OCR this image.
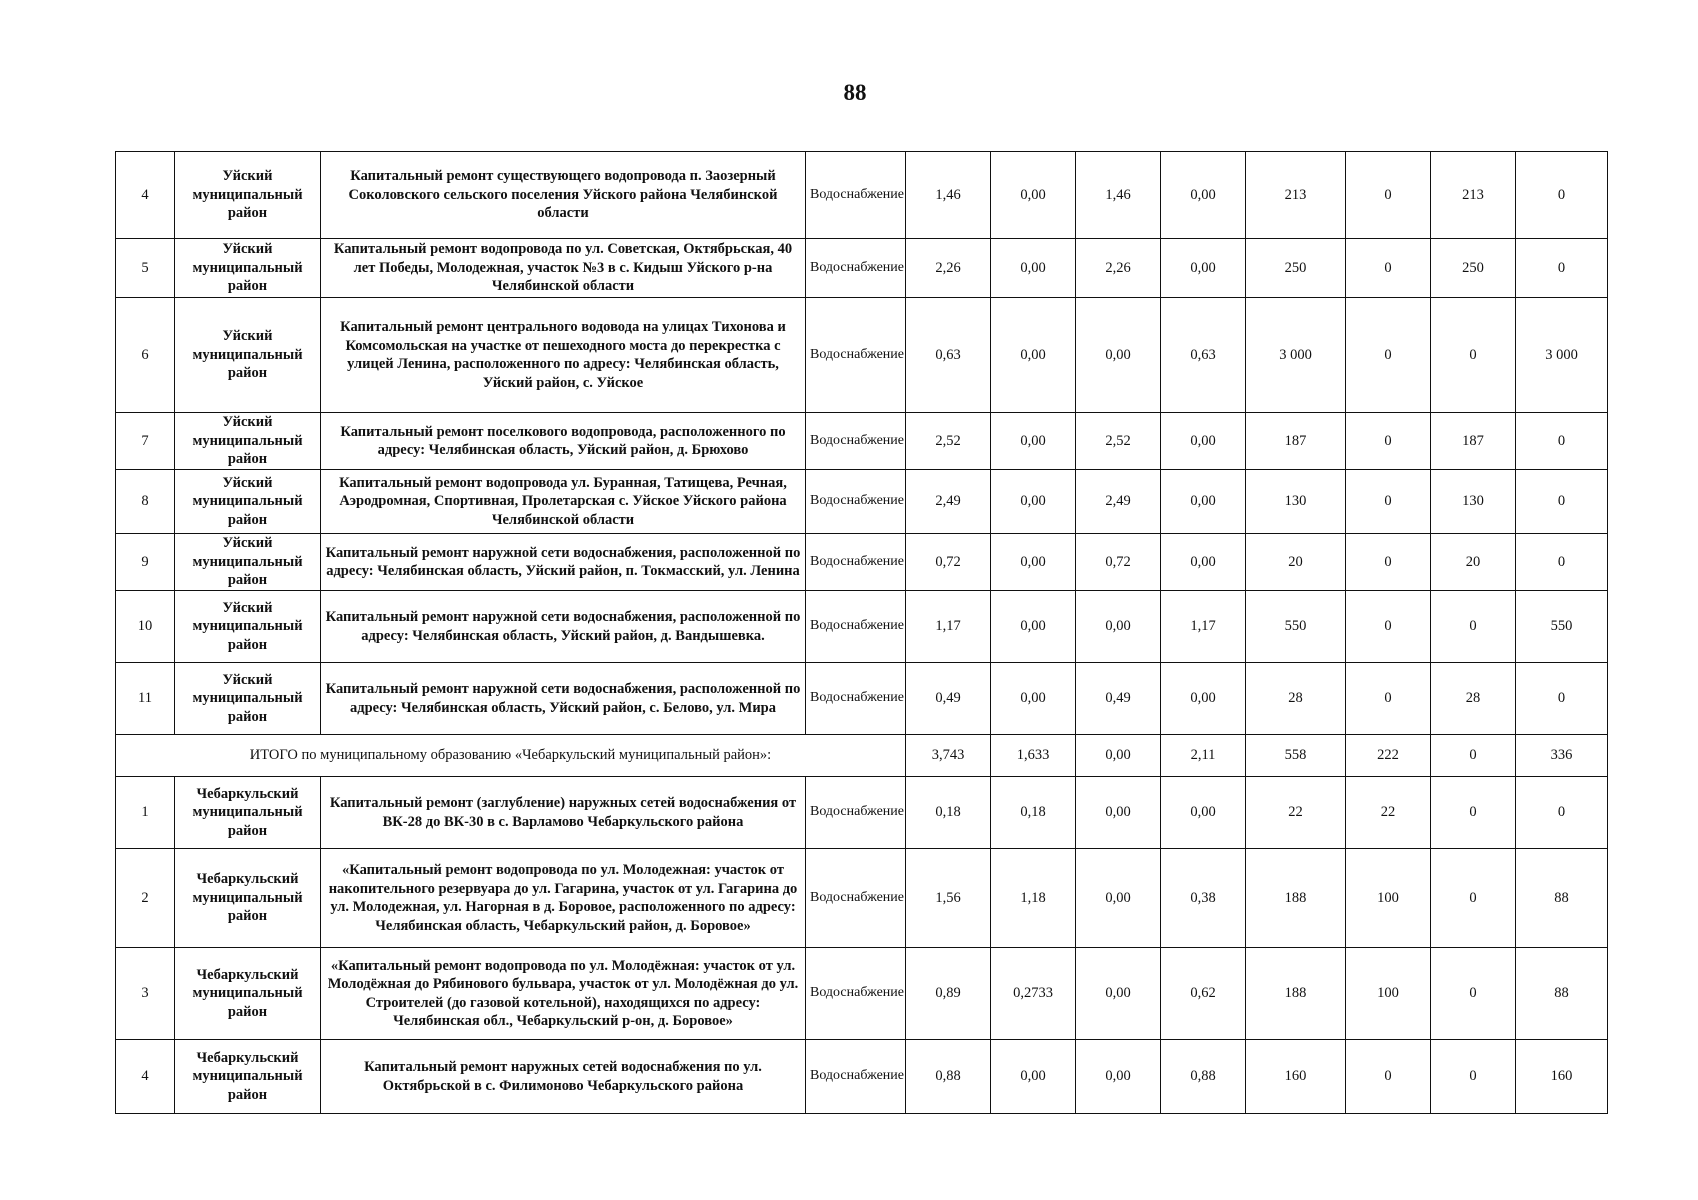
88
4	Уйский муниципальный район	Капитальный ремонт существующего водопровода п. Заозерный Соколовского сельского поселения Уйского района Челябинской области	Водоснабжение	1,46	0,00	1,46	0,00	213	0	213	0
5	Уйский муниципальный район	Капитальный ремонт водопровода по ул. Советская, Октябрьская, 40 лет Победы, Молодежная, участок №3 в с. Кидыш Уйского р-на Челябинской области	Водоснабжение	2,26	0,00	2,26	0,00	250	0	250	0
6	Уйский муниципальный район	Капитальный ремонт центрального водовода на улицах Тихонова и Комсомольская на участке от пешеходного моста до перекрестка с улицей Ленина, расположенного по адресу: Челябинская область, Уйский район, с. Уйское	Водоснабжение	0,63	0,00	0,00	0,63	3 000	0	0	3 000
7	Уйский муниципальный район	Капитальный ремонт поселкового водопровода, расположенного по адресу: Челябинская область, Уйский район, д. Брюхово	Водоснабжение	2,52	0,00	2,52	0,00	187	0	187	0
8	Уйский муниципальный район	Капитальный ремонт водопровода ул. Буранная, Татищева, Речная, Аэродромная, Спортивная, Пролетарская с. Уйское Уйского района Челябинской области	Водоснабжение	2,49	0,00	2,49	0,00	130	0	130	0
9	Уйский муниципальный район	Капитальный ремонт наружной сети водоснабжения, расположенной по адресу: Челябинская область, Уйский район, п. Токмасский, ул. Ленина	Водоснабжение	0,72	0,00	0,72	0,00	20	0	20	0
10	Уйский муниципальный район	Капитальный ремонт наружной сети водоснабжения, расположенной по адресу: Челябинская область, Уйский район, д. Вандышевка.	Водоснабжение	1,17	0,00	0,00	1,17	550	0	0	550
11	Уйский муниципальный район	Капитальный ремонт наружной сети водоснабжения, расположенной по адресу: Челябинская область, Уйский район, с. Белово, ул. Мира	Водоснабжение	0,49	0,00	0,49	0,00	28	0	28	0
ИТОГО по муниципальному образованию «Чебаркульский муниципальный район»:				3,743	1,633	0,00	2,11	558	222	0	336
1	Чебаркульский муниципальный район	Капитальный ремонт (заглубление) наружных сетей водоснабжения от ВК-28 до ВК-30 в с. Варламово Чебаркульского района	Водоснабжение	0,18	0,18	0,00	0,00	22	22	0	0
2	Чебаркульский муниципальный район	«Капитальный ремонт водопровода по ул. Молодежная: участок от накопительного резервуара до ул. Гагарина, участок от ул. Гагарина до ул. Молодежная, ул. Нагорная в д. Боровое, расположенного по адресу: Челябинская область, Чебаркульский район, д. Боровое»	Водоснабжение	1,56	1,18	0,00	0,38	188	100	0	88
3	Чебаркульский муниципальный район	«Капитальный ремонт водопровода по ул. Молодёжная: участок от ул. Молодёжная до Рябинового бульвара, участок от ул. Молодёжная до ул. Строителей (до газовой котельной), находящихся по адресу: Челябинская обл., Чебаркульский р-он, д. Боровое»	Водоснабжение	0,89	0,2733	0,00	0,62	188	100	0	88
4	Чебаркульский муниципальный район	Капитальный ремонт наружных сетей водоснабжения по ул. Октябрьской в с. Филимоново Чебаркульского района	Водоснабжение	0,88	0,00	0,00	0,88	160	0	0	160
